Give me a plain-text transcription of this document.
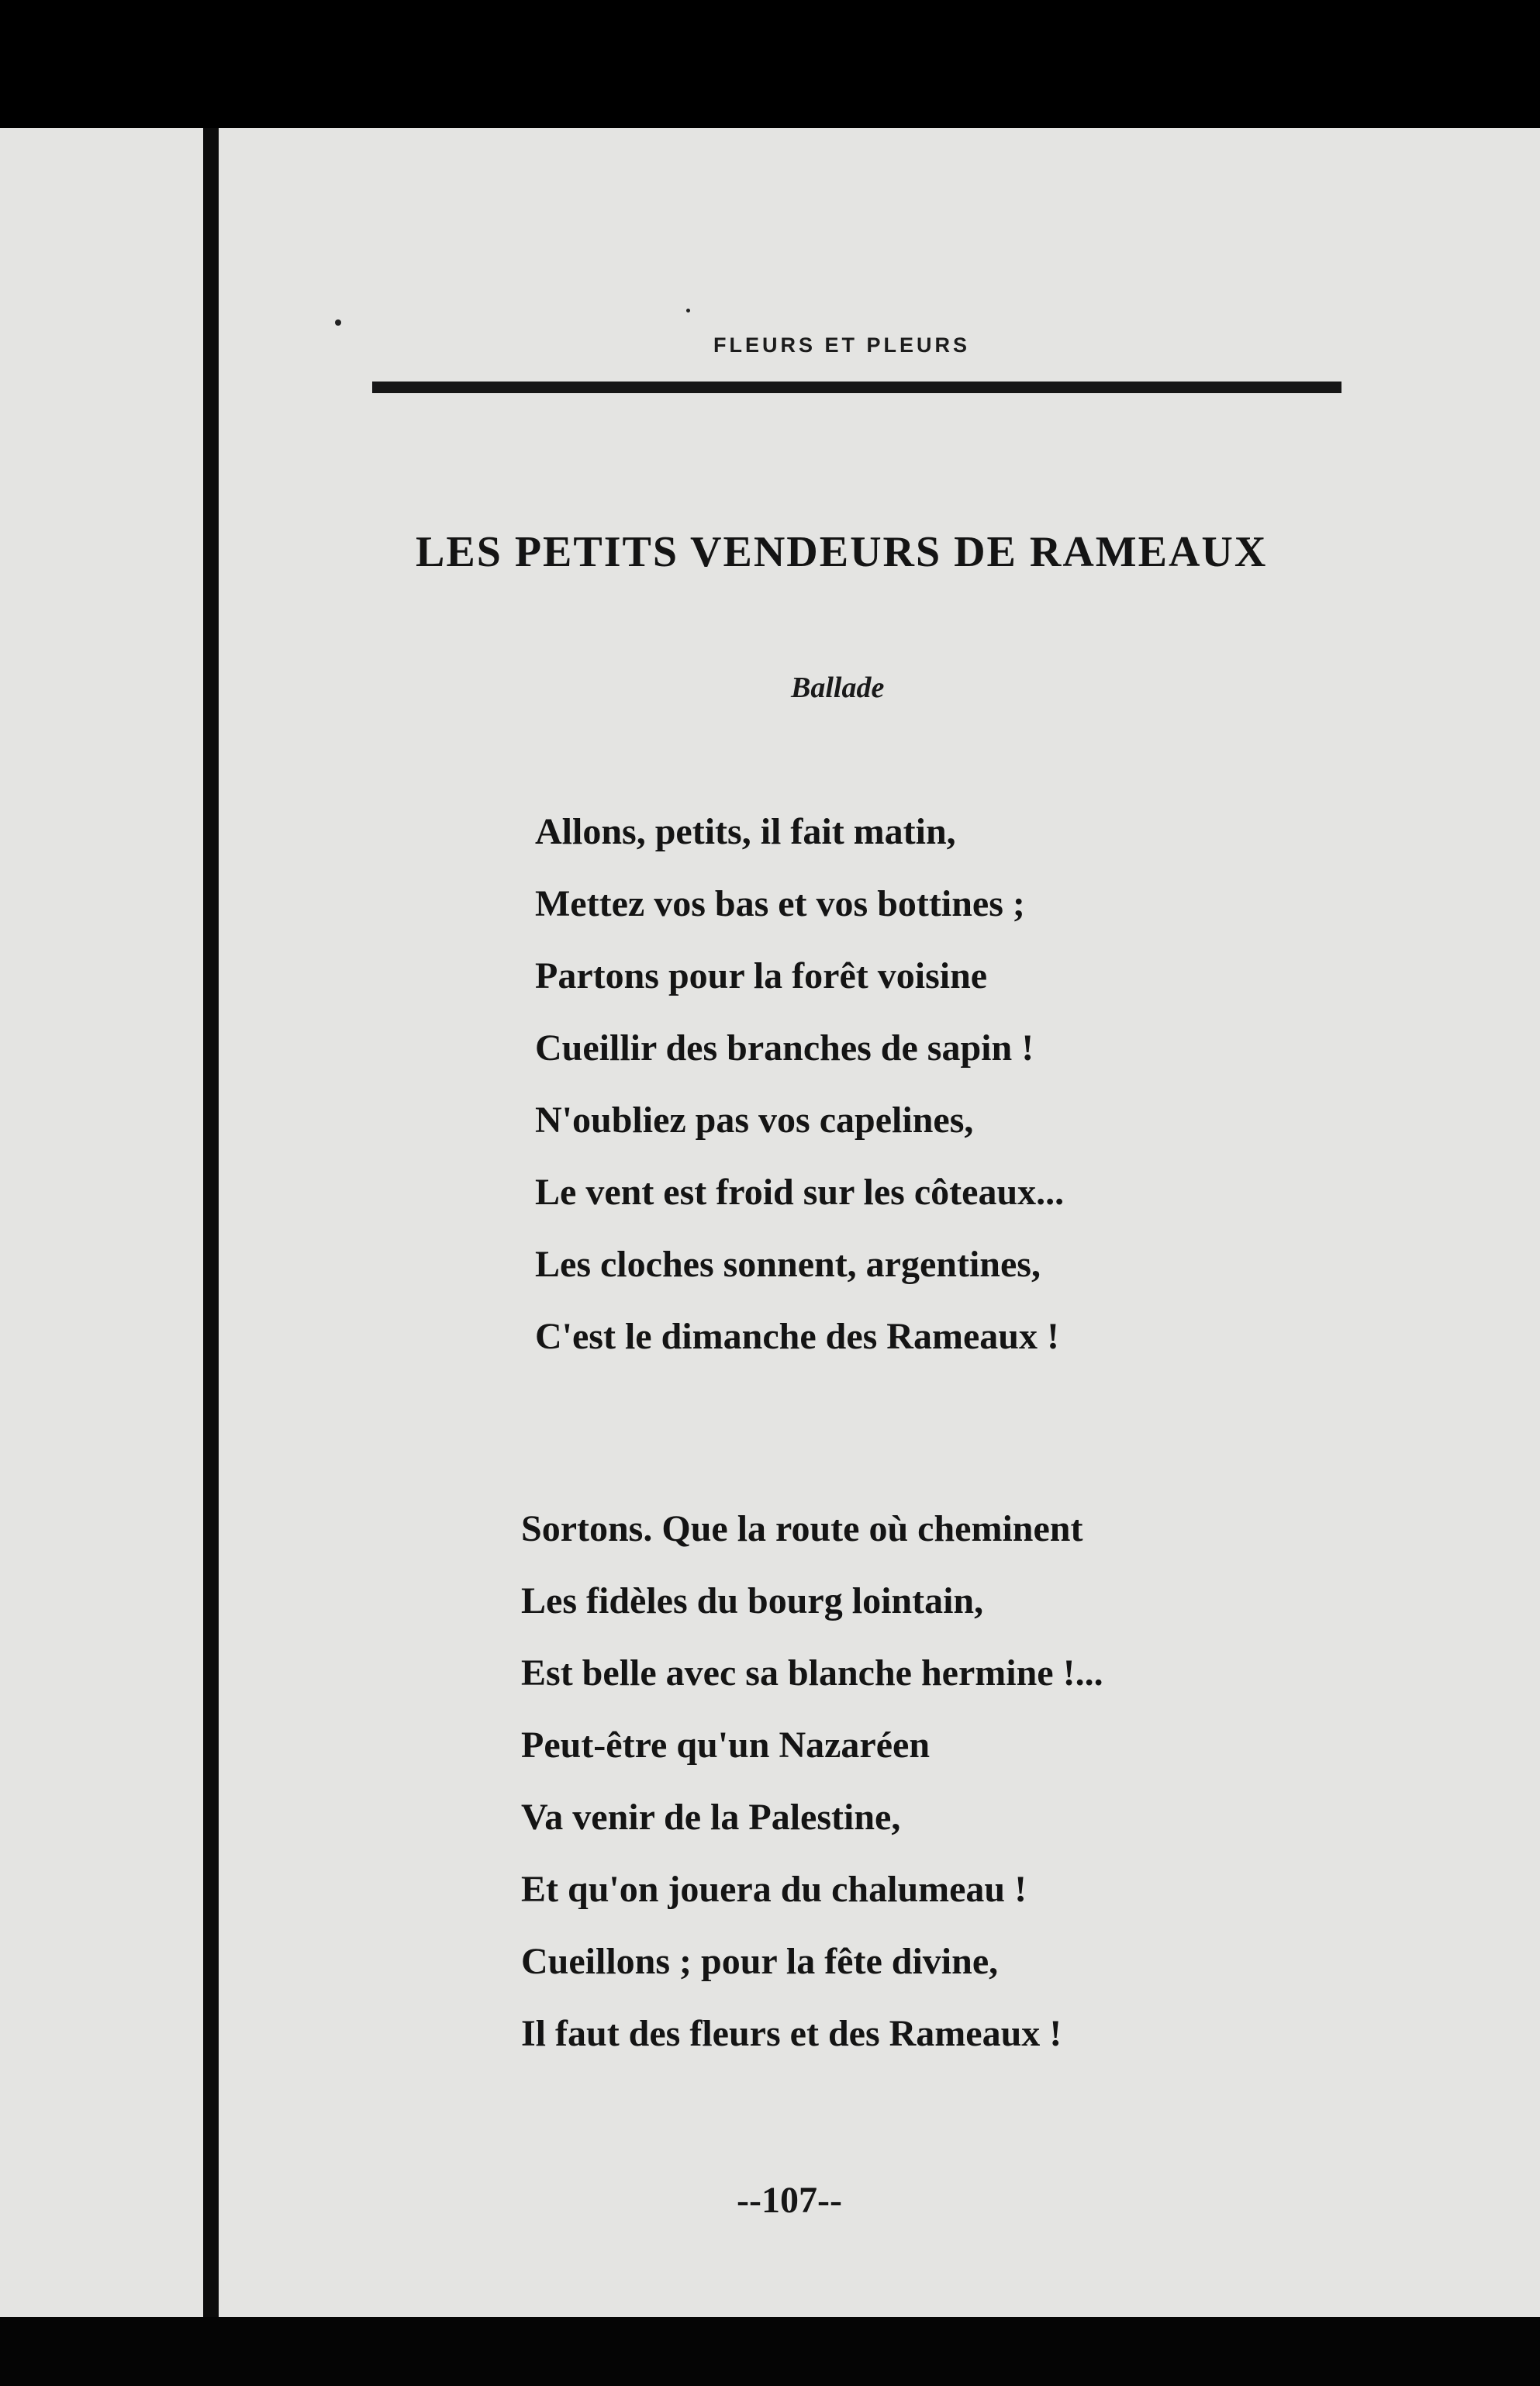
FLEURS ET PLEURS
LES PETITS VENDEURS DE RAMEAUX
Ballade
Allons, petits, il fait matin,
Mettez vos bas et vos bottines ;
Partons pour la forêt voisine
Cueillir des branches de sapin !
N'oubliez pas vos capelines,
Le vent est froid sur les côteaux...
Les cloches sonnent, argentines,
C'est le dimanche des Rameaux !
Sortons. Que la route où cheminent
Les fidèles du bourg lointain,
Est belle avec sa blanche hermine !...
Peut-être qu'un Nazaréen
Va venir de la Palestine,
Et qu'on jouera du chalumeau !
Cueillons ; pour la fête divine,
Il faut des fleurs et des Rameaux !
--107--
